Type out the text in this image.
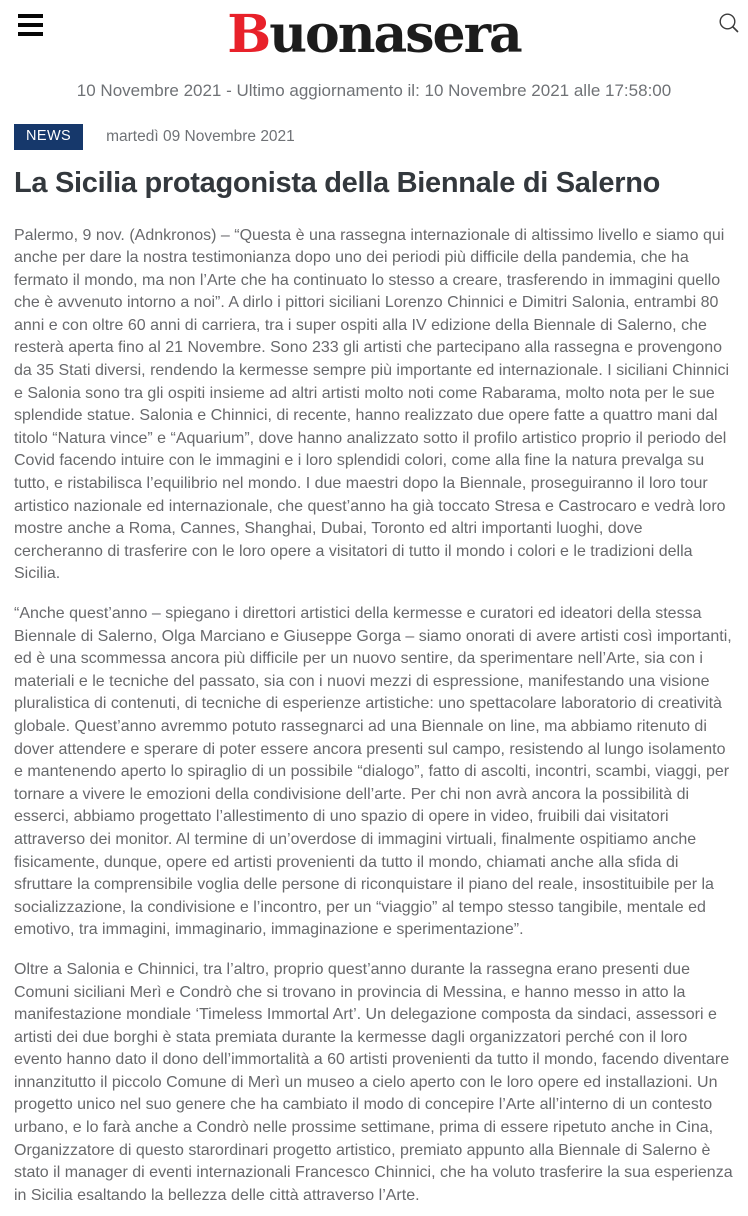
Buonasera
10 Novembre 2021 - Ultimo aggiornamento il: 10 Novembre 2021 alle 17:58:00
NEWS	martedì 09 Novembre 2021
La Sicilia protagonista della Biennale di Salerno

Palermo, 9 nov. (Adnkronos) – “Questa è una rassegna internazionale di altissimo livello e siamo qui anche per dare la nostra testimonianza dopo uno dei periodi più difficile della pandemia, che ha fermato il mondo, ma non l’Arte che ha continuato lo stesso a creare, trasferendo in immagini quello che è avvenuto intorno a noi”. A dirlo i pittori siciliani Lorenzo Chinnici e Dimitri Salonia, entrambi 80 anni e con oltre 60 anni di carriera, tra i super ospiti alla IV edizione della Biennale di Salerno, che resterà aperta fino al 21 Novembre. Sono 233 gli artisti che partecipano alla rassegna e provengono da 35 Stati diversi, rendendo la kermesse sempre più importante ed internazionale. I siciliani Chinnici e Salonia sono tra gli ospiti insieme ad altri artisti molto noti come Rabarama, molto nota per le sue splendide statue. Salonia e Chinnici, di recente, hanno realizzato due opere fatte a quattro mani dal titolo “Natura vince” e “Aquarium”, dove hanno analizzato sotto il profilo artistico proprio il periodo del Covid facendo intuire con le immagini e i loro splendidi colori, come alla fine la natura prevalga su tutto, e ristabilisca l’equilibrio nel mondo. I due maestri dopo la Biennale, proseguiranno il loro tour artistico nazionale ed internazionale, che quest’anno ha già toccato Stresa e Castrocaro e vedrà loro mostre anche a Roma, Cannes, Shanghai, Dubai, Toronto ed altri importanti luoghi, dove cercheranno di trasferire con le loro opere a visitatori di tutto il mondo i colori e le tradizioni della Sicilia.

“Anche quest’anno – spiegano i direttori artistici della kermesse e curatori ed ideatori della stessa Biennale di Salerno, Olga Marciano e Giuseppe Gorga – siamo onorati di avere artisti così importanti, ed è una scommessa ancora più difficile per un nuovo sentire, da sperimentare nell’Arte, sia con i materiali e le tecniche del passato, sia con i nuovi mezzi di espressione, manifestando una visione pluralistica di contenuti, di tecniche di esperienze artistiche: uno spettacolare laboratorio di creatività globale. Quest’anno avremmo potuto rassegnarci ad una Biennale on line, ma abbiamo ritenuto di dover attendere e sperare di poter essere ancora presenti sul campo, resistendo al lungo isolamento e mantenendo aperto lo spiraglio di un possibile “dialogo”, fatto di ascolti, incontri, scambi, viaggi, per tornare a vivere le emozioni della condivisione dell’arte. Per chi non avrà ancora la possibilità di esserci, abbiamo progettato l’allestimento di uno spazio di opere in video, fruibili dai visitatori attraverso dei monitor. Al termine di un’overdose di immagini virtuali, finalmente ospitiamo anche fisicamente, dunque, opere ed artisti provenienti da tutto il mondo, chiamati anche alla sfida di sfruttare la comprensibile voglia delle persone di riconquistare il piano del reale, insostituibile per la socializzazione, la condivisione e l’incontro, per un “viaggio” al tempo stesso tangibile, mentale ed emotivo, tra immagini, immaginario, immaginazione e sperimentazione”.

Oltre a Salonia e Chinnici, tra l’altro, proprio quest’anno durante la rassegna erano presenti due Comuni siciliani Merì e Condrò che si trovano in provincia di Messina, e hanno messo in atto la manifestazione mondiale ‘Timeless Immortal Art’. Un delegazione composta da sindaci, assessori e artisti dei due borghi è stata premiata durante la kermesse dagli organizzatori perché con il loro evento hanno dato il dono dell’immortalità a 60 artisti provenienti da tutto il mondo, facendo diventare innanzitutto il piccolo Comune di Merì un museo a cielo aperto con le loro opere ed installazioni. Un progetto unico nel suo genere che ha cambiato il modo di concepire l’Arte all’interno di un contesto urbano, e lo farà anche a Condrò nelle prossime settimane, prima di essere ripetuto anche in Cina, Organizzatore di questo starordinari progetto artistico, premiato appunto alla Biennale di Salerno è stato il manager di eventi internazionali Francesco Chinnici, che ha voluto trasferire la sua esperienza in Sicilia esaltando la bellezza delle città attraverso l’Arte.
